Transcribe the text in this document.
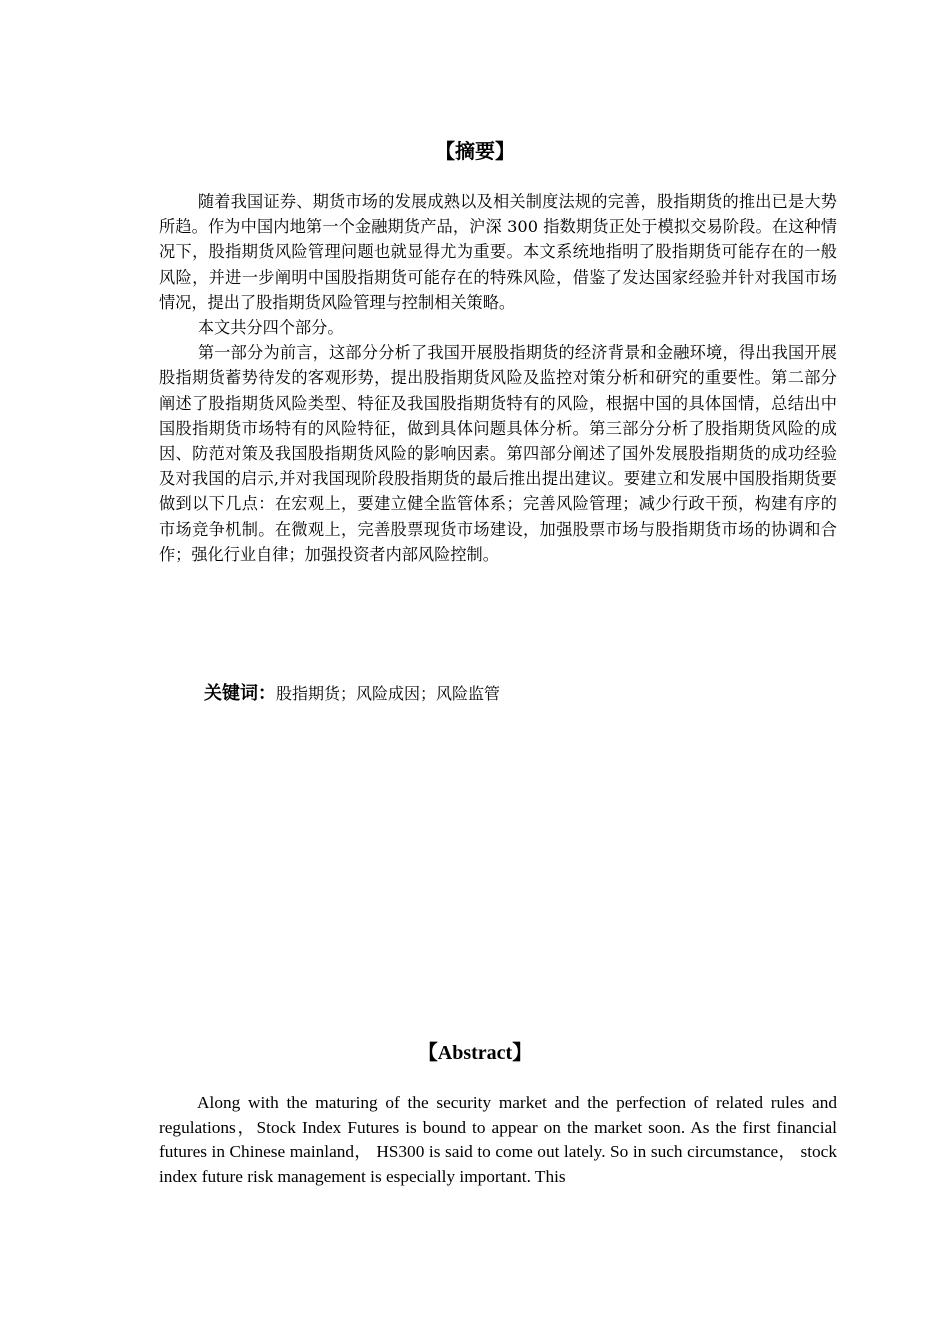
【摘要】

随着我国证券、期货市场的发展成熟以及相关制度法规的完善，股指期货的推出已是大势所趋。作为中国内地第一个金融期货产品，沪深 300 指数期货正处于模拟交易阶段。在这种情况下，股指期货风险管理问题也就显得尤为重要。本文系统地指明了股指期货可能存在的一般风险，并进一步阐明中国股指期货可能存在的特殊风险，借鉴了发达国家经验并针对我国市场情况，提出了股指期货风险管理与控制相关策略。

本文共分四个部分。

第一部分为前言，这部分分析了我国开展股指期货的经济背景和金融环境，得出我国开展股指期货蓄势待发的客观形势，提出股指期货风险及监控对策分析和研究的重要性。第二部分阐述了股指期货风险类型、特征及我国股指期货特有的风险，根据中国的具体国情，总结出中国股指期货市场特有的风险特征，做到具体问题具体分析。第三部分分析了股指期货风险的成因、防范对策及我国股指期货风险的影响因素。第四部分阐述了国外发展股指期货的成功经验及对我国的启示,并对我国现阶段股指期货的最后推出提出建议。要建立和发展中国股指期货要做到以下几点：在宏观上，要建立健全监管体系；完善风险管理；减少行政干预，构建有序的市场竞争机制。在微观上，完善股票现货市场建设，加强股票市场与股指期货市场的协调和合作；强化行业自律；加强投资者内部风险控制。

关键词：股指期货；风险成因；风险监管
【Abstract】

Along with the maturing of the security market and the perfection of related rules and regulations，Stock Index Futures is bound to appear on the market soon. As the first financial futures in Chinese mainland， HS300 is said to come out lately. So in such circumstance， stock index future risk management is especially important. This
